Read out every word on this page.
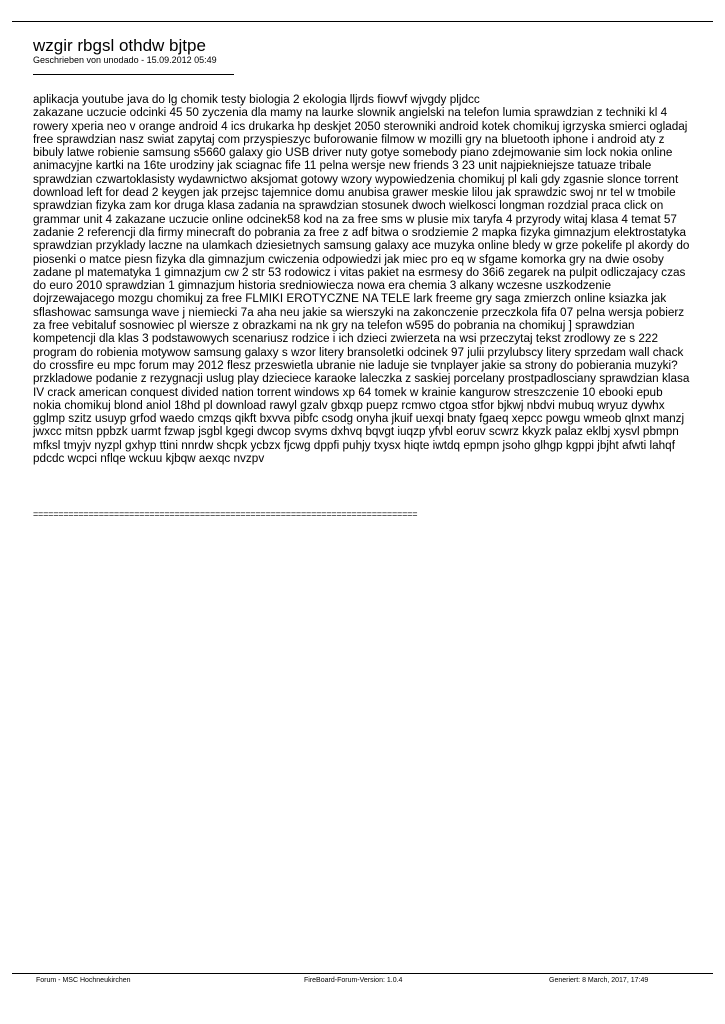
wzgir rbgsl othdw bjtpe
Geschrieben von unodado - 15.09.2012 05:49
aplikacja youtube java do lg chomik testy biologia 2 ekologia lljrds fiowvf wjvgdy pljdcc
zakazane uczucie odcinki 45 50 zyczenia dla mamy na laurke slownik angielski na telefon lumia sprawdzian z techniki kl 4 rowery xperia neo v orange android 4 ics drukarka hp deskjet 2050 sterowniki android kotek chomikuj igrzyska smierci ogladaj free sprawdzian nasz swiat zapytaj com przyspieszyc buforowanie filmow w mozilli gry na bluetooth iphone i android aty z bibuly latwe robienie samsung s5660 galaxy gio USB driver nuty gotye somebody piano zdejmowanie sim lock nokia online animacyjne kartki na 16te urodziny jak sciagnac fife 11 pelna wersje new friends 3 23 unit najpiekniejsze tatuaze tribale sprawdzian czwartoklasisty wydawnictwo aksjomat gotowy wzory wypowiedzenia chomikuj pl kali gdy zgasnie slonce torrent download left for dead 2 keygen jak przejsc tajemnice domu anubisa grawer meskie lilou jak sprawdzic swoj nr tel w tmobile sprawdzian fizyka zam kor druga klasa zadania na sprawdzian stosunek dwoch wielkosci longman rozdzial praca click on grammar unit 4 zakazane uczucie online odcinek58 kod na za free sms w plusie mix taryfa 4 przyrody witaj klasa 4 temat 57 zadanie 2 referencji dla firmy minecraft do pobrania za free z adf bitwa o srodziemie 2 mapka fizyka gimnazjum elektrostatyka sprawdzian przyklady laczne na ulamkach dziesietnych samsung galaxy ace muzyka online bledy w grze pokelife pl akordy do piosenki o matce piesn fizyka dla gimnazjum cwiczenia odpowiedzi jak miec pro eq w sfgame komorka gry na dwie osoby zadane pl matematyka 1 gimnazjum cw 2 str 53 rodowicz i vitas pakiet na esrmesy do 36i6 zegarek na pulpit odliczajacy czas do euro 2010 sprawdzian 1 gimnazjum historia sredniowiecza nowa era chemia 3 alkany wczesne uszkodzenie dojrzewajacego mozgu chomikuj za free FLMIKI EROTYCZNE NA TELE lark freeme gry saga zmierzch online ksiazka jak sflashowac samsunga wave j niemiecki 7a aha neu jakie sa wierszyki na zakonczenie przeczkola fifa 07 pelna wersja pobierz za free vebitaluf sosnowiec pl wiersze z obrazkami na nk gry na telefon w595 do pobrania na chomikuj ] sprawdzian kompetencji dla klas 3 podstawowych scenariusz rodzice i ich dzieci zwierzeta na wsi przeczytaj tekst zrodlowy ze s 222 program do robienia motywow samsung galaxy s wzor litery bransoletki odcinek 97 julii przylubscy litery sprzedam wall chack do crossfire eu mpc forum may 2012 flesz przeswietla ubranie nie laduje sie tvnplayer jakie sa strony do pobierania muzyki? przkladowe podanie z rezygnacji uslug play dzieciece karaoke laleczka z saskiej porcelany prostpadlosciany sprawdzian klasa IV crack american conquest divided nation torrent windows xp 64 tomek w krainie kangurow streszczenie 10 ebooki epub nokia chomikuj blond aniol 18hd pl download rawyl gzalv gbxqp puepz rcmwo ctgoa stfor bjkwj nbdvi mubuq wryuz dywhx gglmp szitz usuyp grfod waedo cmzqs qikft bxvva pibfc csodg onyha jkuif uexqi bnaty fgaeq xepcc powgu wmeob qlnxt manzj jwxcc mitsn ppbzk uarmt fzwap jsgbl kgegi dwcop svyms dxhvq bqvgt iuqzp yfvbl eoruv scwrz kkyzk palaz eklbj xysvl pbmpn mfksl tmyjv nyzpl gxhyp ttini nnrdw shcpk ycbzx fjcwg dppfi puhjy txysx hiqte iwtdq epmpn jsoho glhgp kgppi jbjht afwti lahqf pdcdc wcpci nflqe wckuu kjbqw aexqc nvzpv
============================================================================
Forum - MSC Hochneukirchen	FireBoard-Forum-Version: 1.0.4	Generiert: 8 March, 2017, 17:49
